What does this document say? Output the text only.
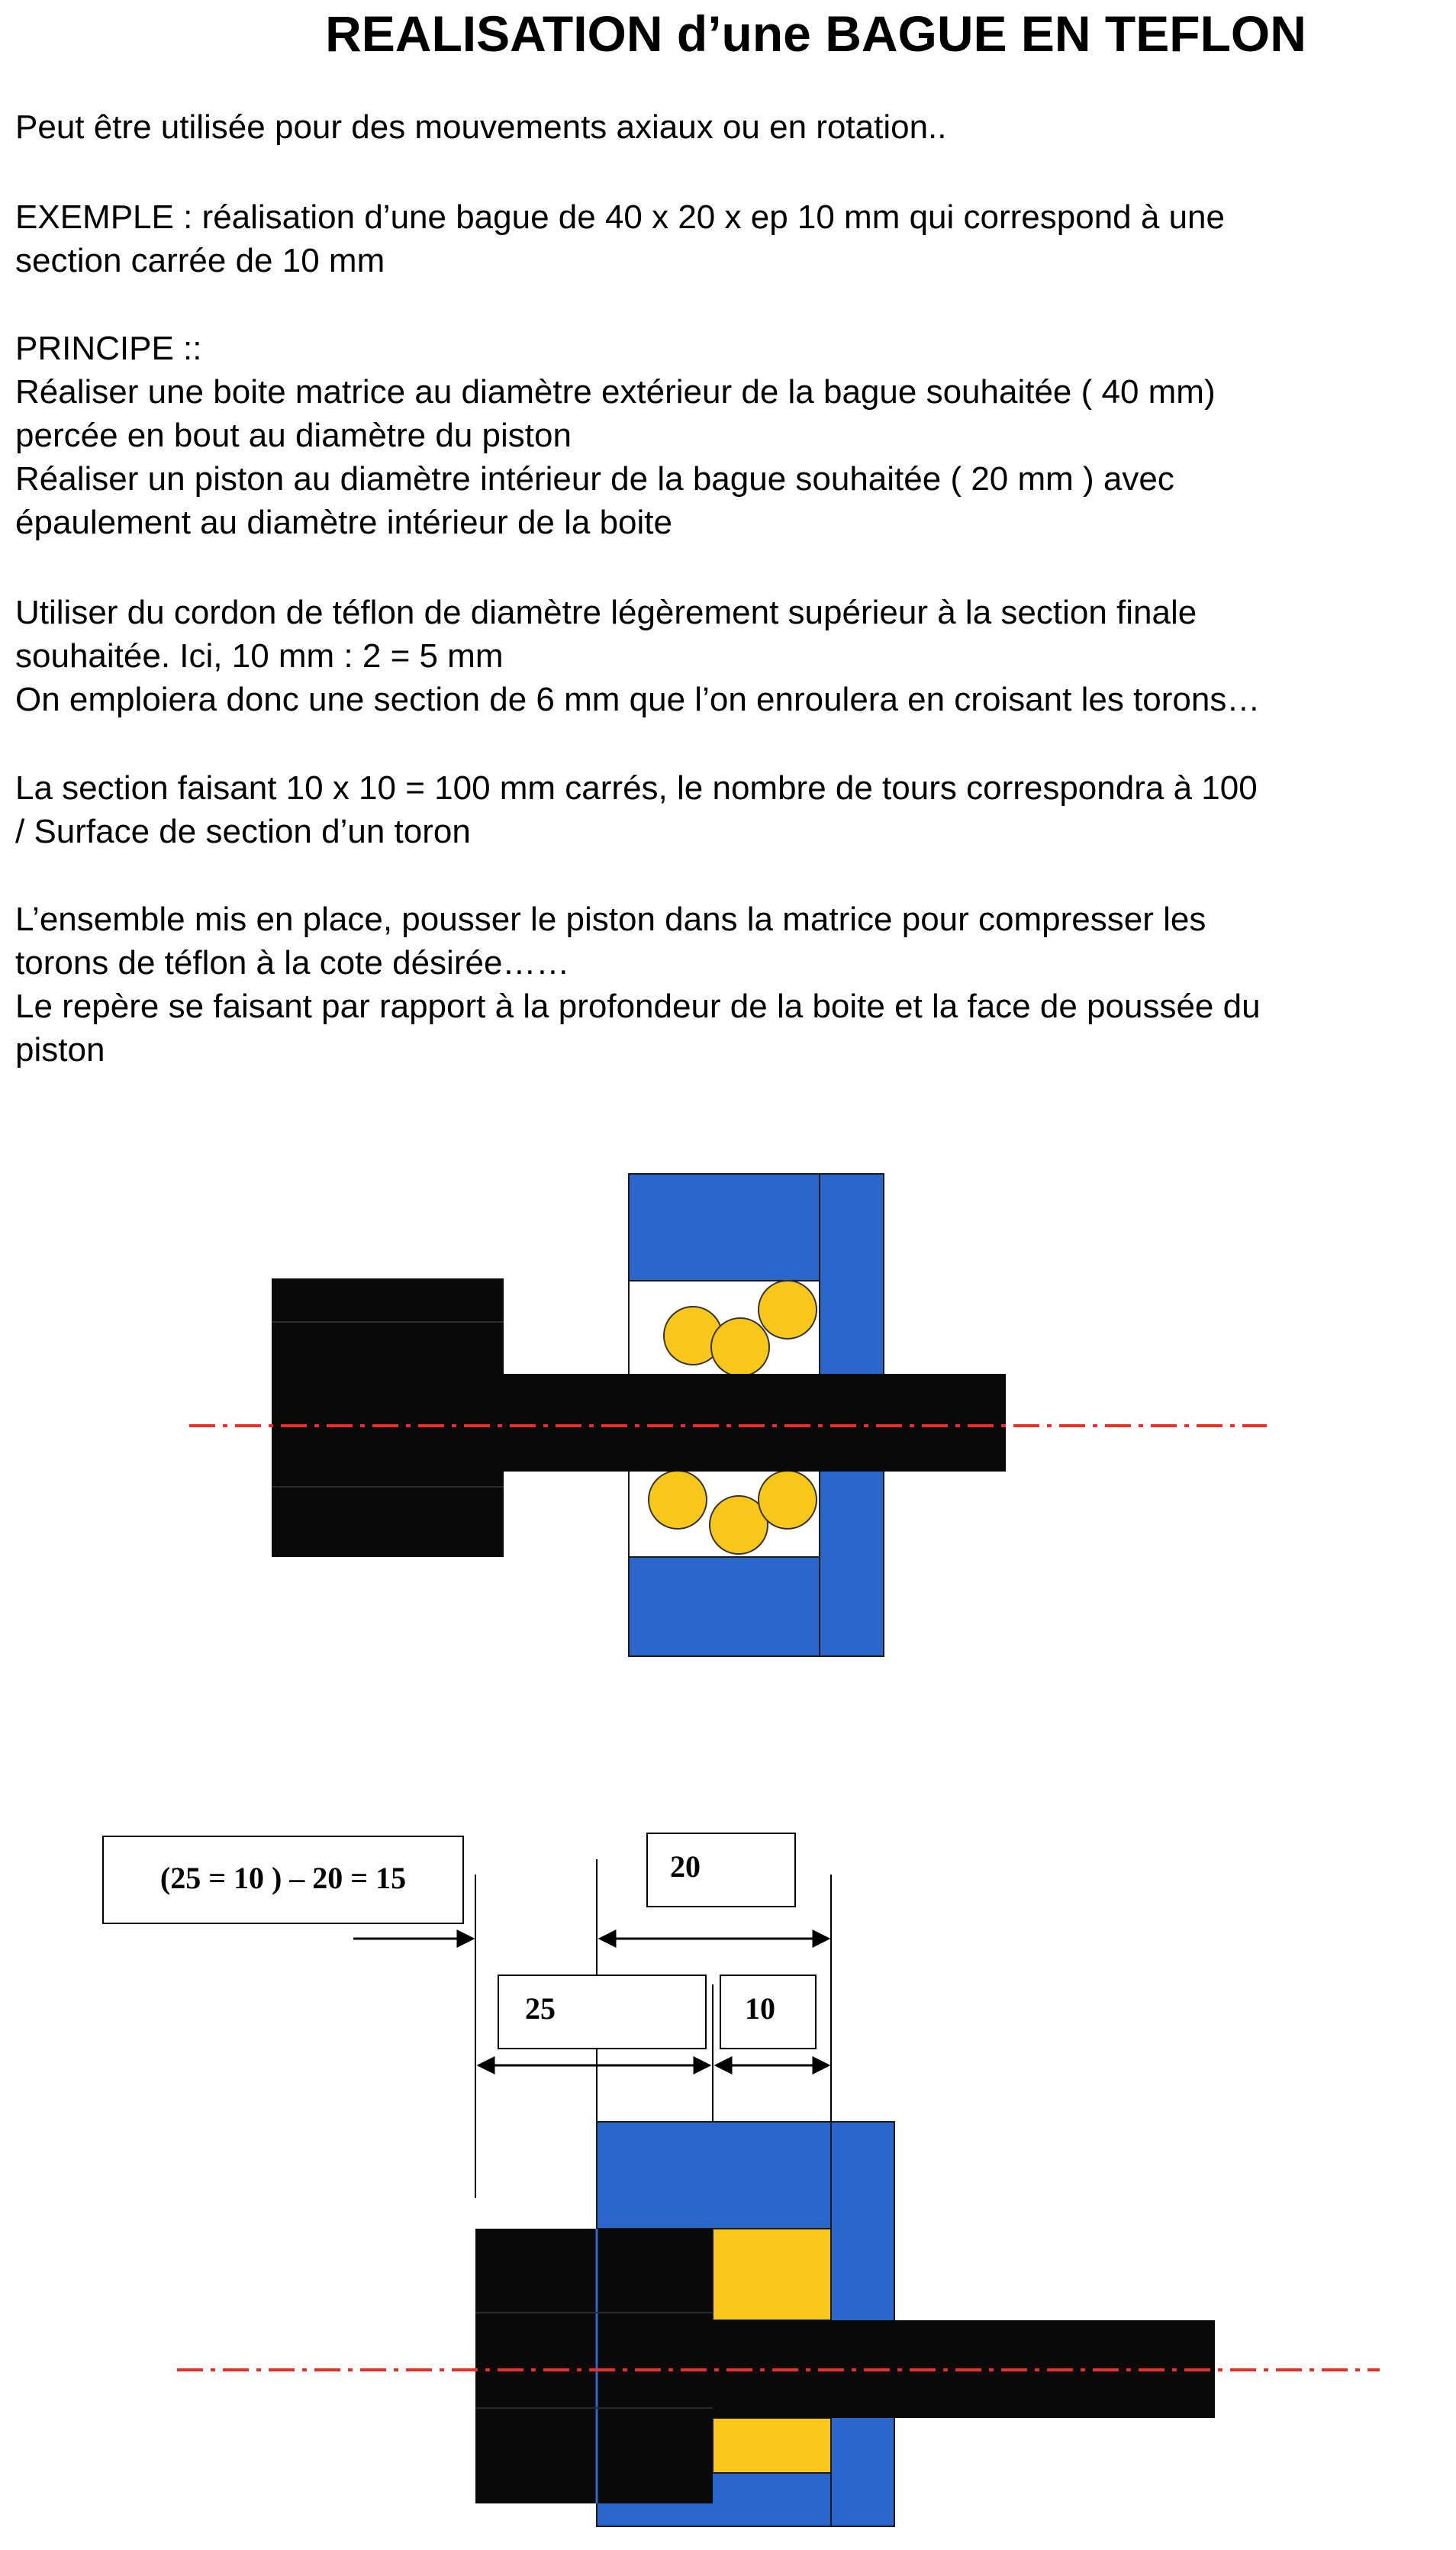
REALISATION d’une BAGUE EN TEFLON
Peut être utilisée pour des mouvements axiaux ou en rotation..
EXEMPLE : réalisation d’une bague de 40 x 20 x ep 10 mm qui correspond à une
section carrée de 10 mm
PRINCIPE ::
Réaliser une boite matrice au diamètre extérieur de la bague souhaitée ( 40 mm)
percée en bout au diamètre du piston
Réaliser un piston au diamètre intérieur de la bague souhaitée ( 20 mm ) avec
épaulement au diamètre intérieur de la boite
Utiliser du cordon de téflon de diamètre légèrement supérieur à la section finale
souhaitée. Ici, 10 mm : 2 = 5 mm
On emploiera donc une section de 6 mm que l’on enroulera en croisant les torons…
La section faisant 10 x 10 = 100 mm carrés, le nombre de tours correspondra à 100
/ Surface de section d’un toron
L’ensemble mis en place, pousser le piston dans la matrice pour compresser les
torons de téflon à la cote désirée……
Le repère se faisant par rapport à la profondeur de la boite et la face de poussée du
piston
(25 = 10 ) – 20 = 15	20
25	10
